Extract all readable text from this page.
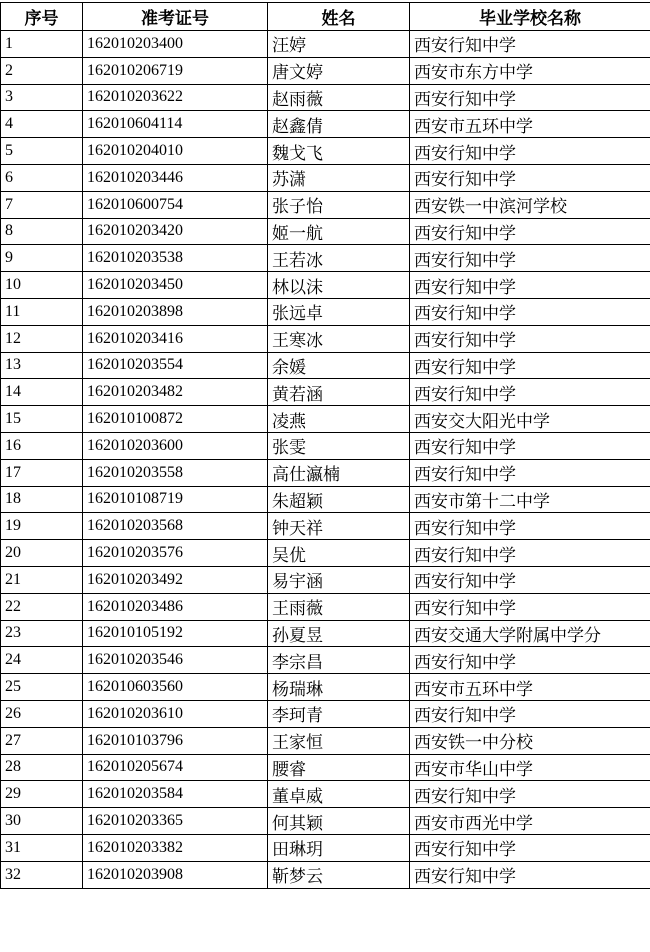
序号	准考证号	姓名	毕业学校名称
1	162010203400	汪婷	西安行知中学
2	162010206719	唐文婷	西安市东方中学
3	162010203622	赵雨薇	西安行知中学
4	162010604114	赵鑫倩	西安市五环中学
5	162010204010	魏戈飞	西安行知中学
6	162010203446	苏潇	西安行知中学
7	162010600754	张子怡	西安铁一中滨河学校
8	162010203420	姬一航	西安行知中学
9	162010203538	王若冰	西安行知中学
10	162010203450	林以沫	西安行知中学
11	162010203898	张远卓	西安行知中学
12	162010203416	王寒冰	西安行知中学
13	162010203554	余媛	西安行知中学
14	162010203482	黄若涵	西安行知中学
15	162010100872	凌燕	西安交大阳光中学
16	162010203600	张雯	西安行知中学
17	162010203558	高仕瀛楠	西安行知中学
18	162010108719	朱超颖	西安市第十二中学
19	162010203568	钟天祥	西安行知中学
20	162010203576	吴优	西安行知中学
21	162010203492	易宇涵	西安行知中学
22	162010203486	王雨薇	西安行知中学
23	162010105192	孙夏昱	西安交通大学附属中学分
24	162010203546	李宗昌	西安行知中学
25	162010603560	杨瑞琳	西安市五环中学
26	162010203610	李珂青	西安行知中学
27	162010103796	王家恒	西安铁一中分校
28	162010205674	腰睿	西安市华山中学
29	162010203584	董卓威	西安行知中学
30	162010203365	何其颖	西安市西光中学
31	162010203382	田琳玥	西安行知中学
32	162010203908	靳梦云	西安行知中学
